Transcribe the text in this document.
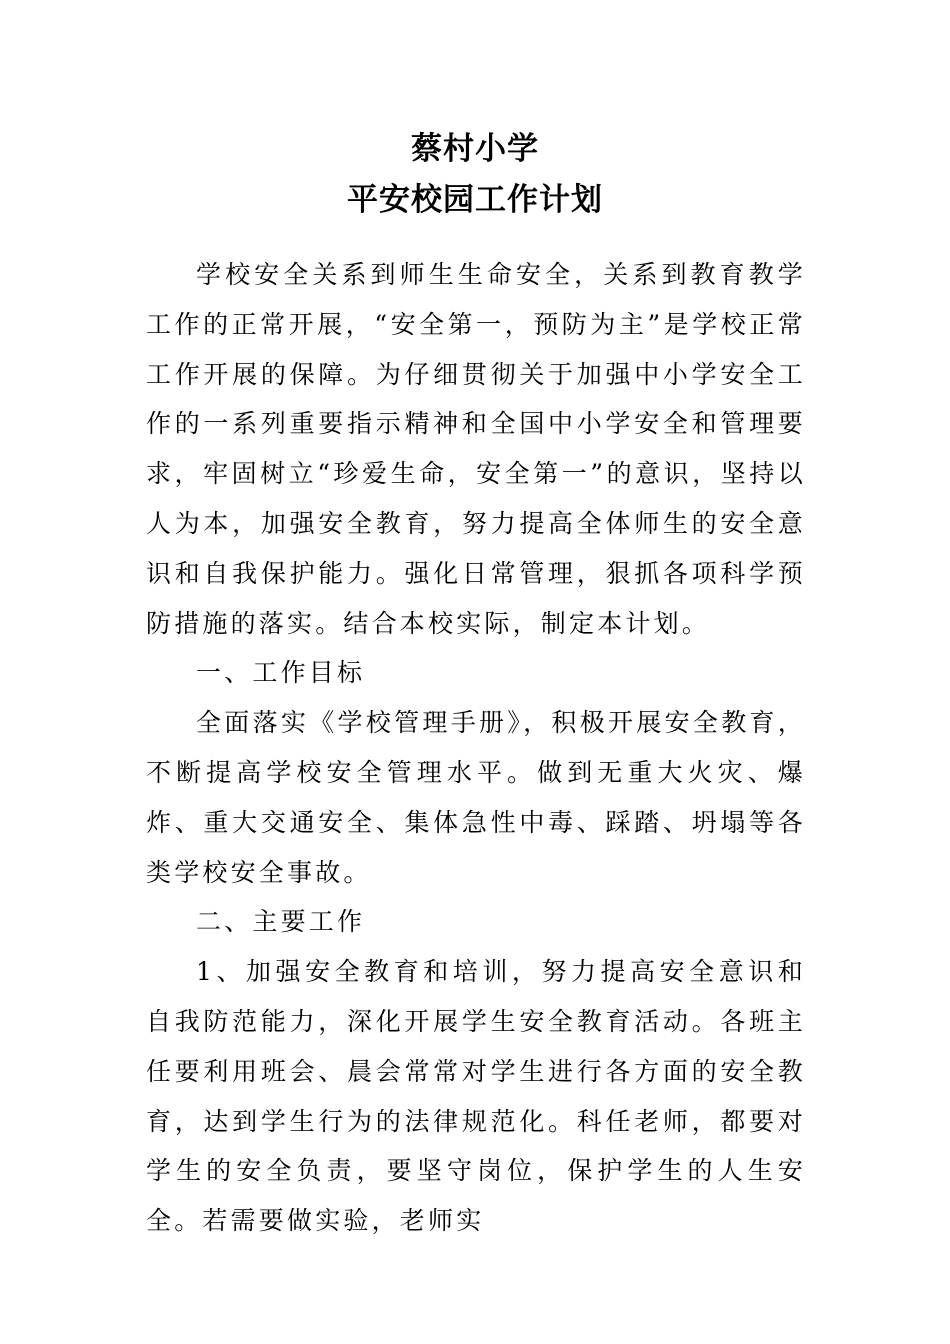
蔡村小学
平安校园工作计划

学校安全关系到师生生命安全，关系到教育教学工作的正常开展，“安全第一，预防为主”是学校正常工作开展的保障。为仔细贯彻关于加强中小学安全工作的一系列重要指示精神和全国中小学安全和管理要求，牢固树立“珍爱生命，安全第一”的意识，坚持以人为本，加强安全教育，努力提高全体师生的安全意识和自我保护能力。强化日常管理，狠抓各项科学预防措施的落实。结合本校实际，制定本计划。

一、工作目标

全面落实《学校管理手册》，积极开展安全教育，不断提高学校安全管理水平。做到无重大火灾、爆炸、重大交通安全、集体急性中毒、踩踏、坍塌等各类学校安全事故。

二、主要工作

1、加强安全教育和培训，努力提高安全意识和自我防范能力，深化开展学生安全教育活动。各班主任要利用班会、晨会常常对学生进行各方面的安全教育，达到学生行为的法律规范化。科任老师，都要对学生的安全负责，要坚守岗位，保护学生的人生安全。若需要做实验，老师实
